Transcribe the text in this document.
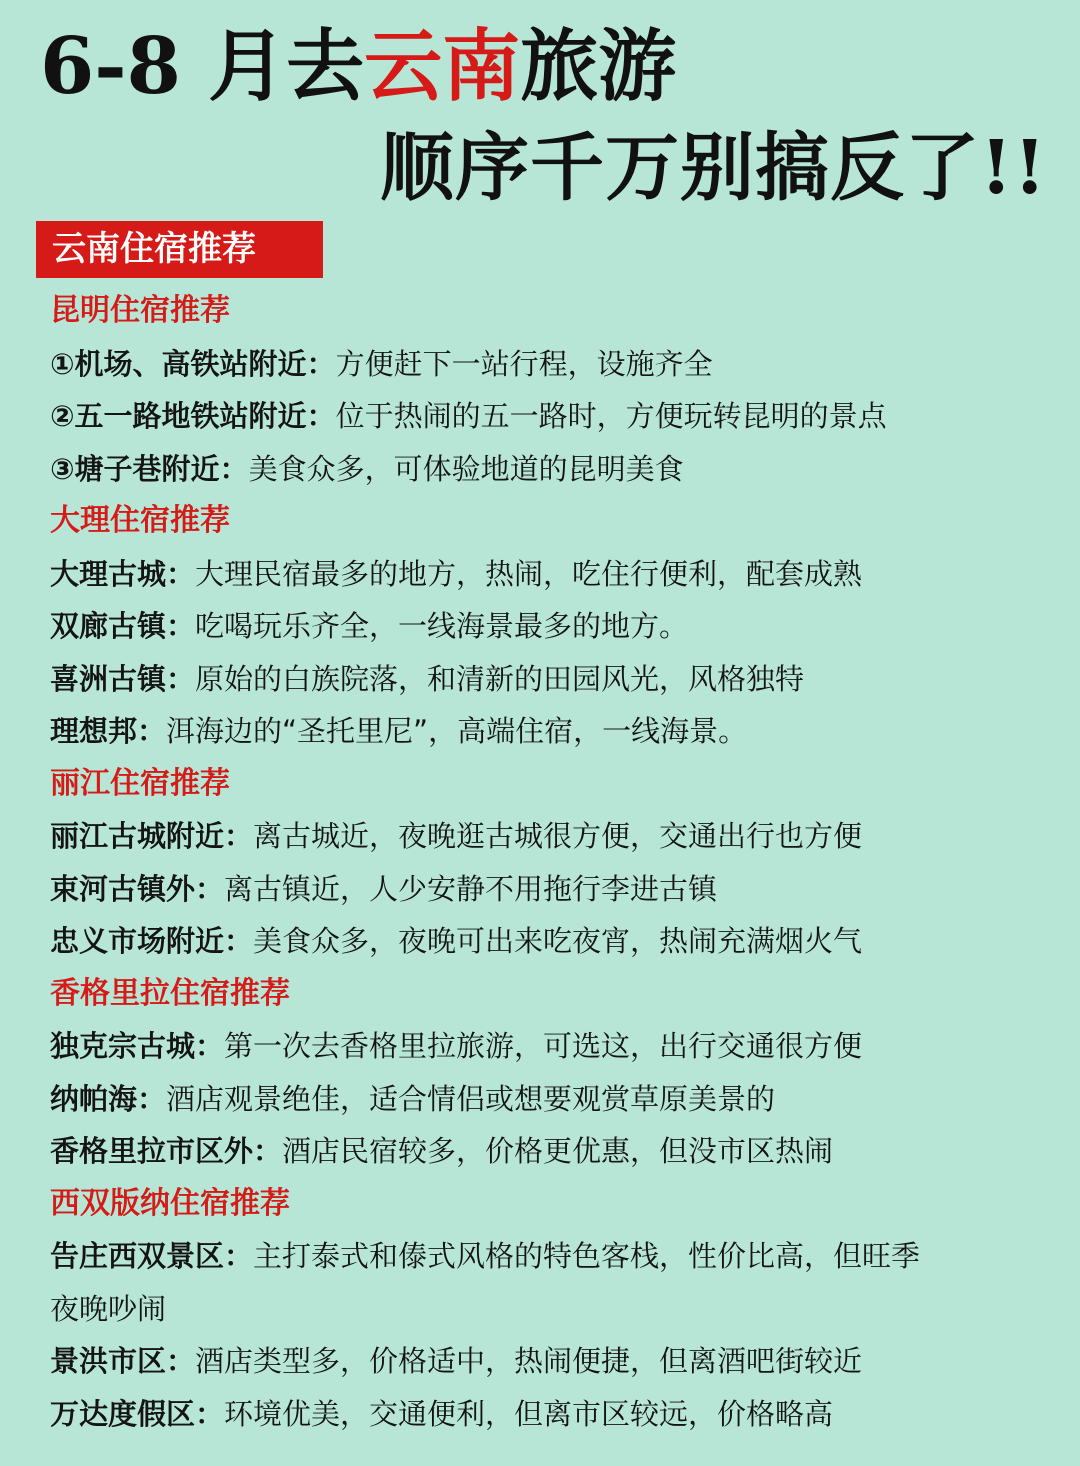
6-8 月去云南旅游
顺序千万别搞反了!!
云南住宿推荐
昆明住宿推荐
①机场、高铁站附近：方便赶下一站行程，设施齐全
②五一路地铁站附近：位于热闹的五一路时，方便玩转昆明的景点
③塘子巷附近：美食众多，可体验地道的昆明美食
大理住宿推荐
大理古城：大理民宿最多的地方，热闹，吃住行便利，配套成熟
双廊古镇：吃喝玩乐齐全，一线海景最多的地方。
喜洲古镇：原始的白族院落，和清新的田园风光，风格独特
理想邦：洱海边的“圣托里尼”，高端住宿，一线海景。
丽江住宿推荐
丽江古城附近：离古城近，夜晚逛古城很方便，交通出行也方便
束河古镇外：离古镇近，人少安静不用拖行李进古镇
忠义市场附近：美食众多，夜晚可出来吃夜宵，热闹充满烟火气
香格里拉住宿推荐
独克宗古城：第一次去香格里拉旅游，可选这，出行交通很方便
纳帕海：酒店观景绝佳，适合情侣或想要观赏草原美景的
香格里拉市区外：酒店民宿较多，价格更优惠，但没市区热闹
西双版纳住宿推荐
告庄西双景区：主打泰式和傣式风格的特色客栈，性价比高，但旺季
夜晚吵闹
景洪市区：酒店类型多，价格适中，热闹便捷，但离酒吧街较近
万达度假区：环境优美，交通便利，但离市区较远，价格略高
